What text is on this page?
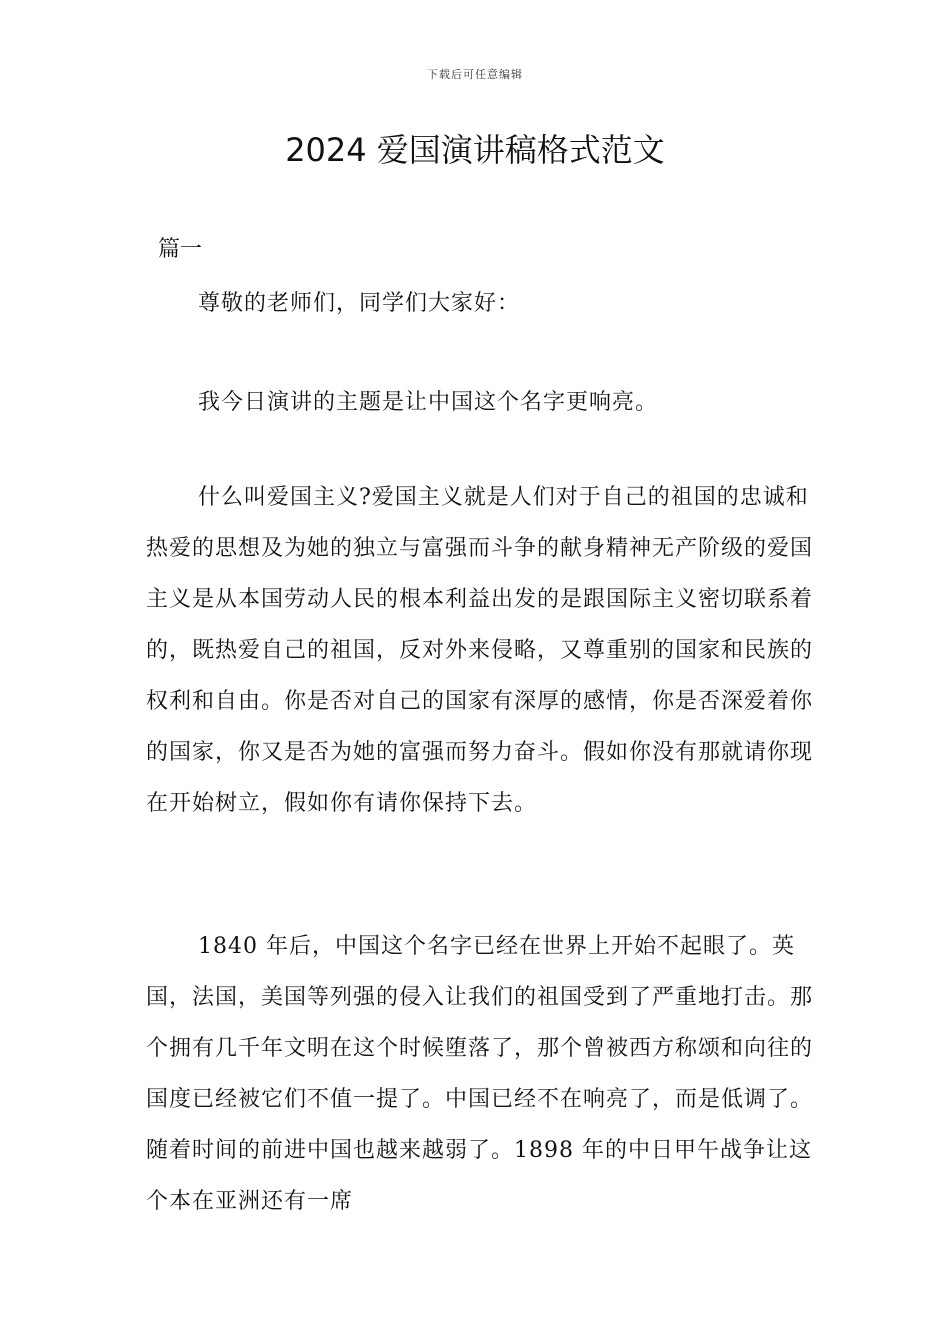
下载后可任意编辑
2024 爱国演讲稿格式范文
篇一

尊敬的老师们，同学们大家好：

我今日演讲的主题是让中国这个名字更响亮。

什么叫爱国主义?爱国主义就是人们对于自己的祖国的忠诚和热爱的思想及为她的独立与富强而斗争的献身精神无产阶级的爱国主义是从本国劳动人民的根本利益出发的是跟国际主义密切联系着的，既热爱自己的祖国，反对外来侵略，又尊重别的国家和民族的权利和自由。你是否对自己的国家有深厚的感情，你是否深爱着你的国家，你又是否为她的富强而努力奋斗。假如你没有那就请你现在开始树立，假如你有请你保持下去。

1840 年后，中国这个名字已经在世界上开始不起眼了。英国，法国，美国等列强的侵入让我们的祖国受到了严重地打击。那个拥有几千年文明在这个时候堕落了，那个曾被西方称颂和向往的国度已经被它们不值一提了。中国已经不在响亮了，而是低调了。随着时间的前进中国也越来越弱了。1898 年的中日甲午战争让这个本在亚洲还有一席
